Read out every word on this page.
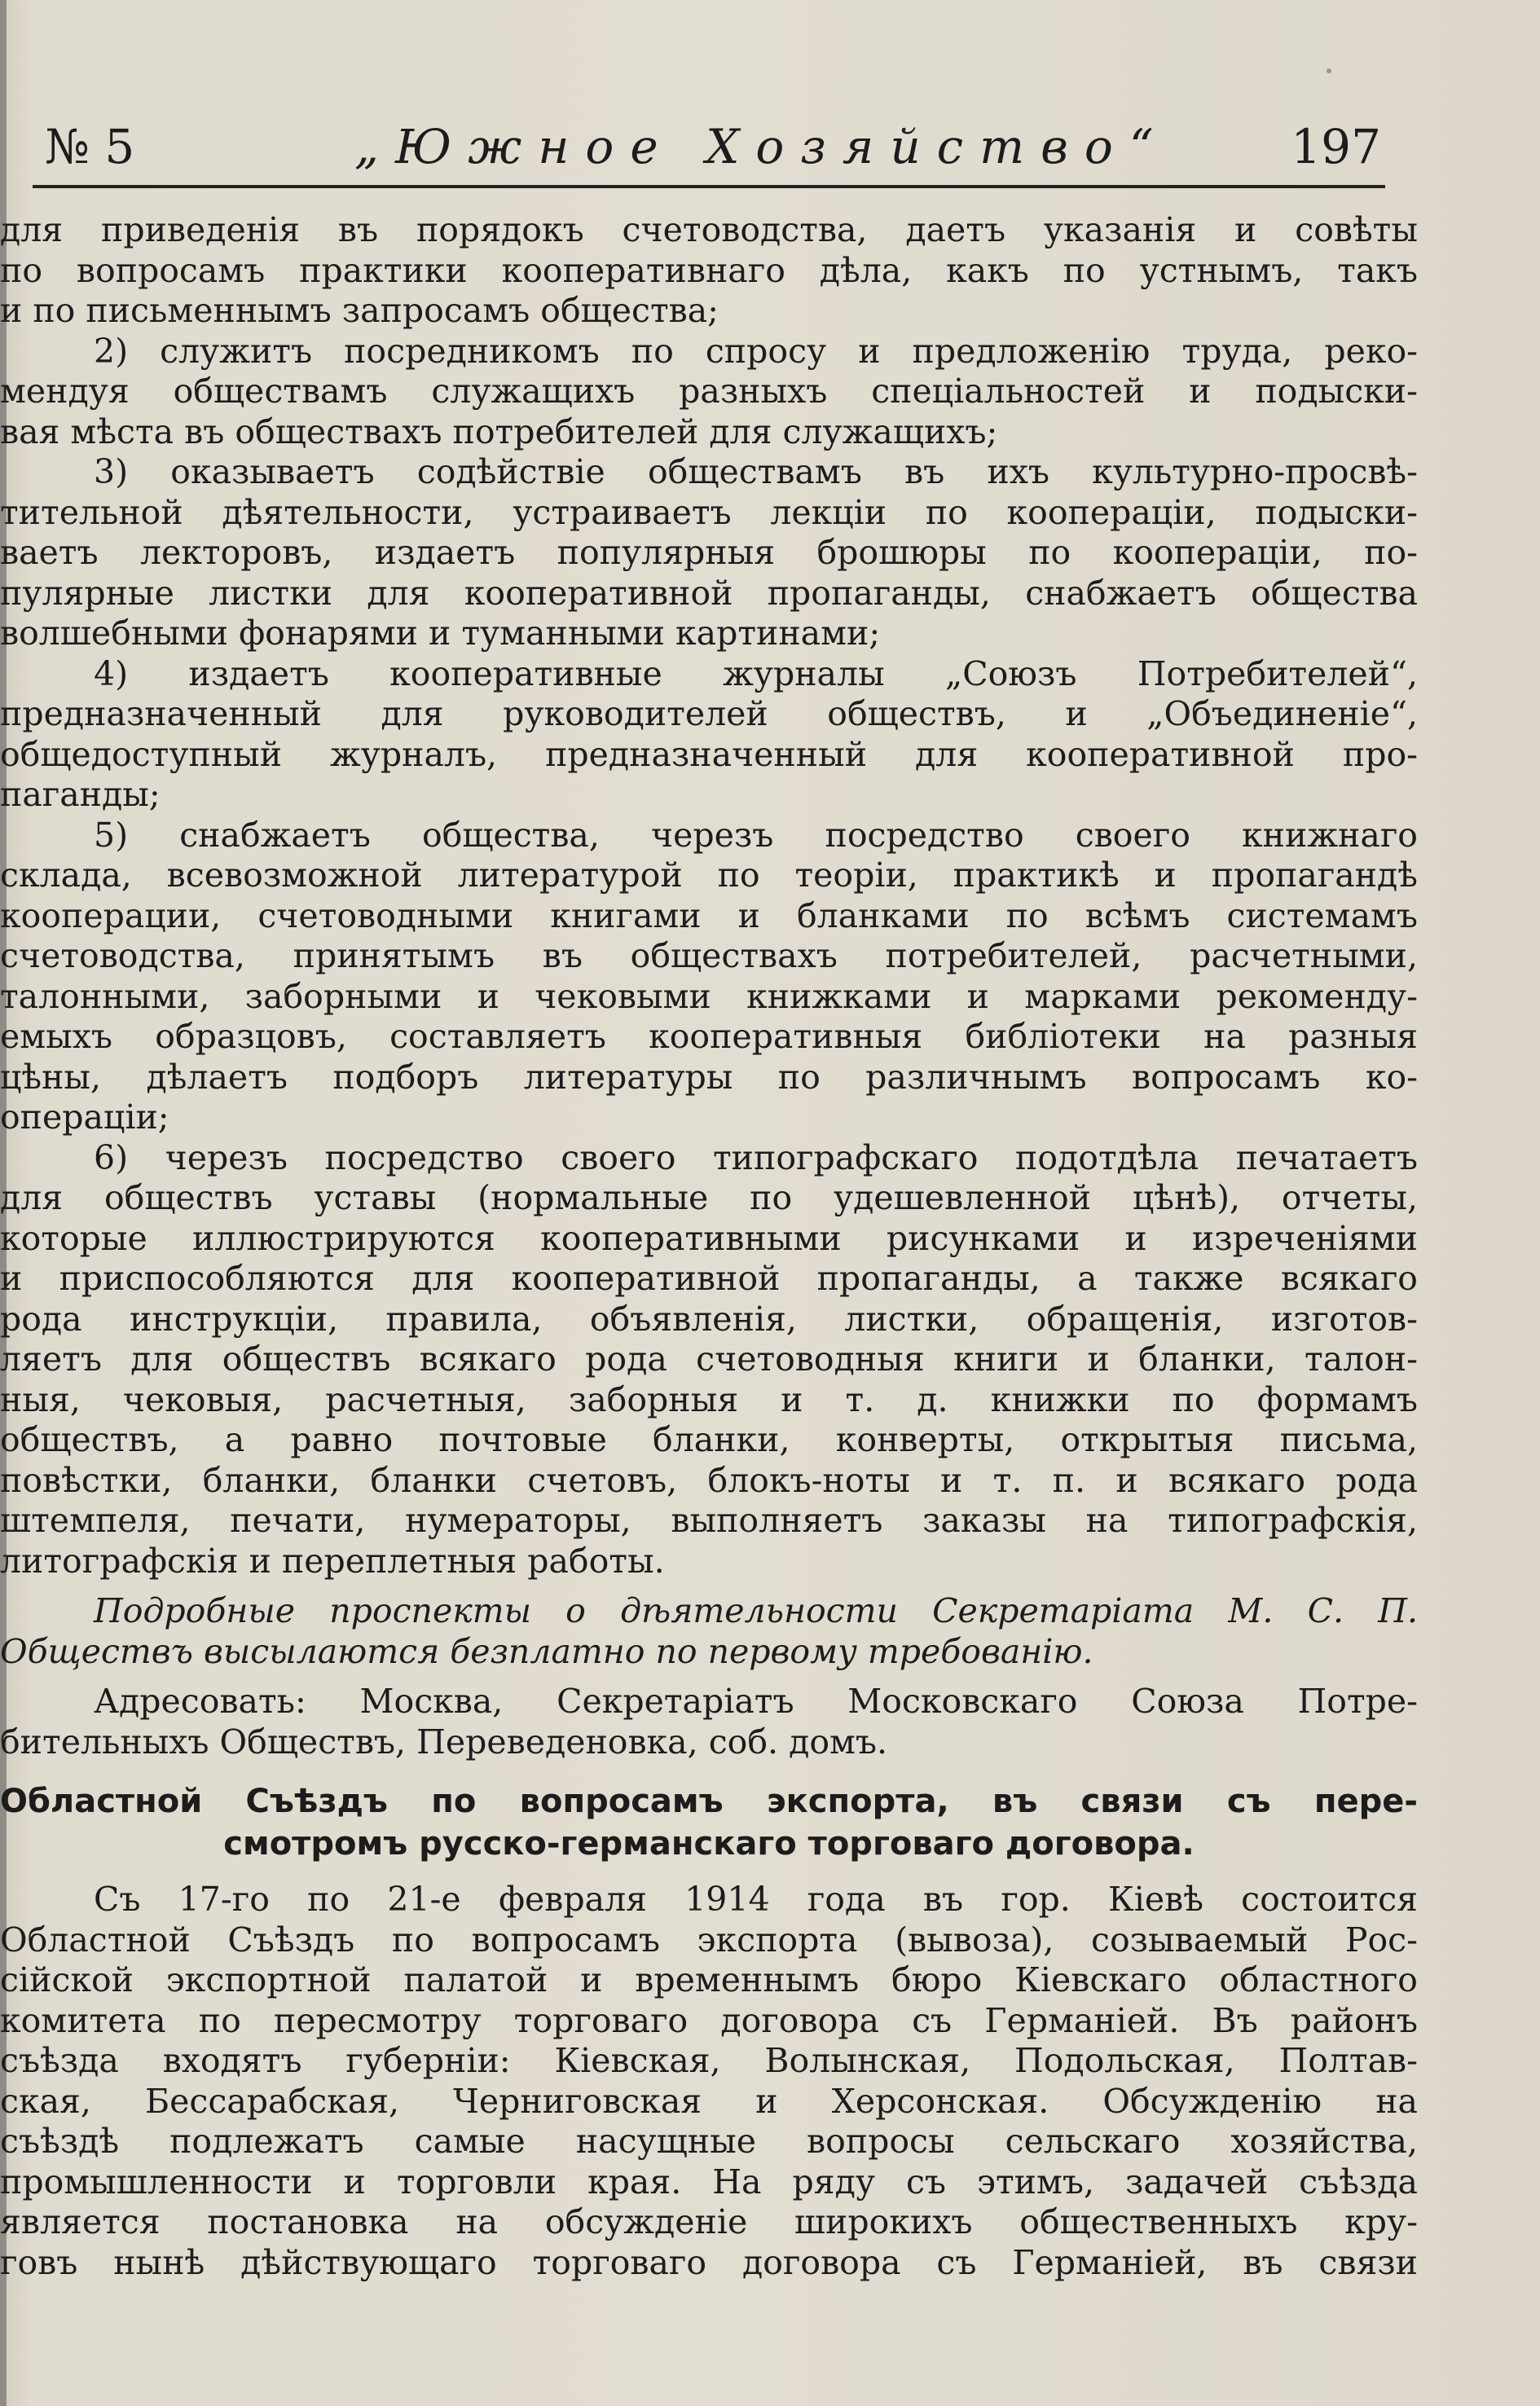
№ 5	„Южное Хозяйство“	197
для приведенія въ порядокъ счетоводства, даетъ указанія и совѣты
по вопросамъ практики кооперативнаго дѣла, какъ по устнымъ, такъ
и по письменнымъ запросамъ общества;
2) служитъ посредникомъ по спросу и предложенію труда, реко-
мендуя обществамъ служащихъ разныхъ спеціальностей и подыски-
вая мѣста въ обществахъ потребителей для служащихъ;
3) оказываетъ содѣйствіе обществамъ въ ихъ культурно-просвѣ-
тительной дѣятельности, устраиваетъ лекціи по коопераціи, подыски-
ваетъ лекторовъ, издаетъ популярныя брошюры по коопераціи, по-
пулярные листки для кооперативной пропаганды, снабжаетъ общества
волшебными фонарями и туманными картинами;
4) издаетъ кооперативные журналы „Союзъ Потребителей“,
предназначенный для руководителей обществъ, и „Объединеніе“,
общедоступный журналъ, предназначенный для кооперативной про-
паганды;
5) снабжаетъ общества, черезъ посредство своего книжнаго
склада, всевозможной литературой по теоріи, практикѣ и пропагандѣ
кооперации, счетоводными книгами и бланками по всѣмъ системамъ
счетоводства, принятымъ въ обществахъ потребителей, расчетными,
талонными, заборными и чековыми книжками и марками рекоменду-
емыхъ образцовъ, составляетъ кооперативныя библіотеки на разныя
цѣны, дѣлаетъ подборъ литературы по различнымъ вопросамъ ко-
операціи;
6) черезъ посредство своего типографскаго подотдѣла печатаетъ
для обществъ уставы (нормальные по удешевленной цѣнѣ), отчеты,
которые иллюстрируются кооперативными рисунками и изреченіями
и приспособляются для кооперативной пропаганды, а также всякаго
рода инструкціи, правила, объявленія, листки, обращенія, изготов-
ляетъ для обществъ всякаго рода счетоводныя книги и бланки, талон-
ныя, чековыя, расчетныя, заборныя и т. д. книжки по формамъ
обществъ, а равно почтовые бланки, конверты, открытыя письма,
повѣстки, бланки, бланки счетовъ, блокъ-ноты и т. п. и всякаго рода
штемпеля, печати, нумераторы, выполняетъ заказы на типографскія,
литографскія и переплетныя работы.
Подробные проспекты о дѣятельности Секретаріата М. С. П.
Обществъ высылаются безплатно по первому требованію.
Адресовать: Москва, Секретаріатъ Московскаго Союза Потре-
бительныхъ Обществъ, Переведеновка, соб. домъ.
Областной Съѣздъ по вопросамъ экспорта, въ связи съ пере-
смотромъ русско-германскаго торговаго договора.
Съ 17-го по 21-е февраля 1914 года въ гор. Кіевѣ состоится
Областной Съѣздъ по вопросамъ экспорта (вывоза), созываемый Рос-
сійской экспортной палатой и временнымъ бюро Кіевскаго областного
комитета по пересмотру торговаго договора съ Германіей. Въ районъ
съѣзда входятъ губерніи: Кіевская, Волынская, Подольская, Полтав-
ская, Бессарабская, Черниговская и Херсонская. Обсужденію на
съѣздѣ подлежатъ самые насущные вопросы сельскаго хозяйства,
промышленности и торговли края. На ряду съ этимъ, задачей съѣзда
является постановка на обсужденіе широкихъ общественныхъ кру-
говъ нынѣ дѣйствующаго торговаго договора съ Германіей, въ связи
